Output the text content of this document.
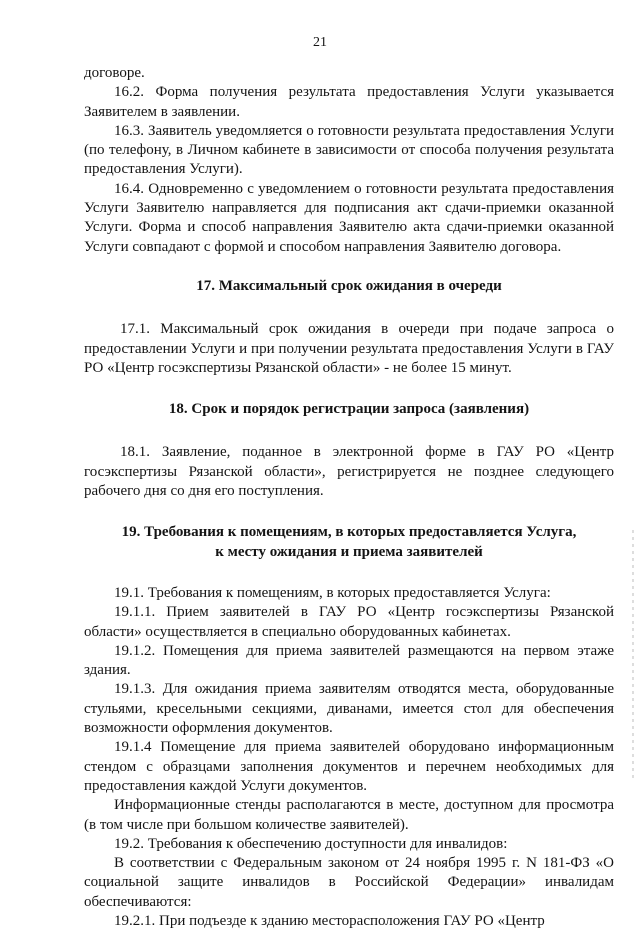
21

договоре.

16.2. Форма получения результата предоставления Услуги указывается Заявителем в заявлении.

16.3. Заявитель уведомляется о готовности результата предоставления Услуги (по телефону, в Личном кабинете в зависимости от способа получения результата предоставления Услуги).

16.4. Одновременно с уведомлением о готовности результата предоставления Услуги Заявителю направляется для подписания акт сдачи-приемки оказанной Услуги. Форма и способ направления Заявителю акта сдачи-приемки оказанной Услуги совпадают с формой и способом направления Заявителю договора.

17. Максимальный срок ожидания в очереди

17.1. Максимальный срок ожидания в очереди при подаче запроса о предоставлении Услуги и при получении результата предоставления Услуги в ГАУ РО «Центр госэкспертизы Рязанской области» - не более 15 минут.

18. Срок и порядок регистрации запроса (заявления)

18.1. Заявление, поданное в электронной форме в ГАУ РО «Центр госэкспертизы Рязанской области», регистрируется не позднее следующего рабочего дня со дня его поступления.

19. Требования к помещениям, в которых предоставляется Услуга,
к месту ожидания и приема заявителей

19.1. Требования к помещениям, в которых предоставляется Услуга:

19.1.1. Прием заявителей в ГАУ РО «Центр госэкспертизы Рязанской области» осуществляется в специально оборудованных кабинетах.

19.1.2. Помещения для приема заявителей размещаются на первом этаже здания.

19.1.3. Для ожидания приема заявителям отводятся места, оборудованные стульями, кресельными секциями, диванами, имеется стол для обеспечения возможности оформления документов.

19.1.4 Помещение для приема заявителей оборудовано информационным стендом с образцами заполнения документов и перечнем необходимых для предоставления каждой Услуги документов.

Информационные стенды располагаются в месте, доступном для просмотра (в том числе при большом количестве заявителей).

19.2. Требования к обеспечению доступности для инвалидов:

В соответствии с Федеральным законом от 24 ноября 1995 г. N 181-ФЗ «О социальной защите инвалидов в Российской Федерации» инвалидам обеспечиваются:

19.2.1. При подъезде к зданию месторасположения ГАУ РО «Центр
